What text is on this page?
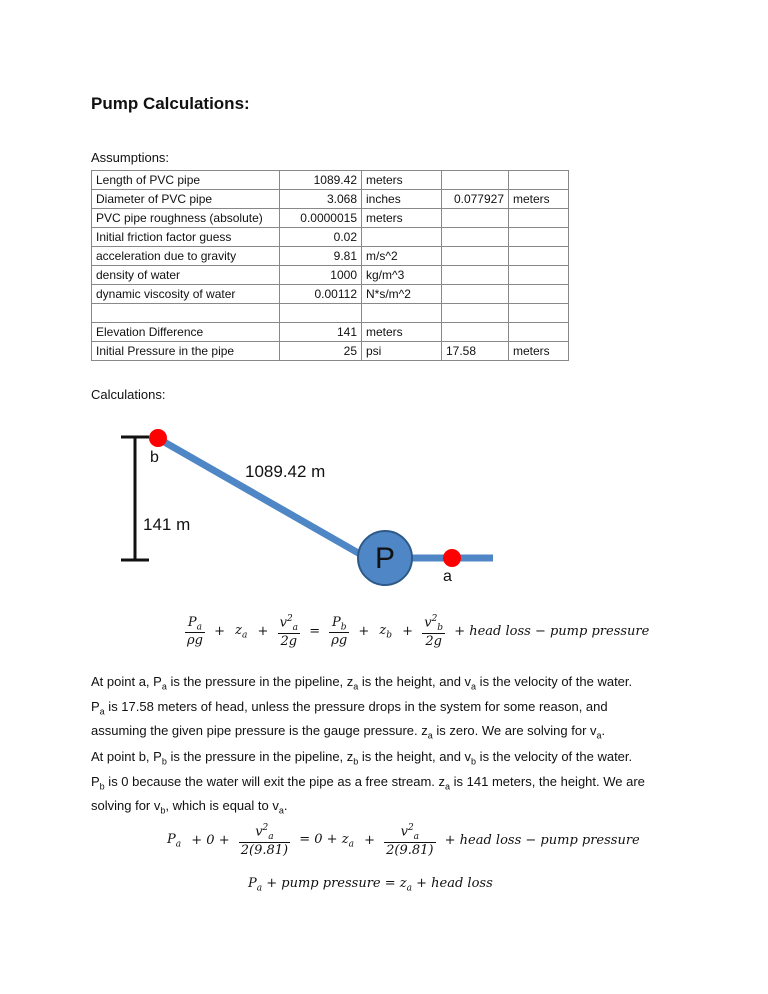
Pump Calculations:
Assumptions:
Length of PVC pipe	1089.42	meters		
Diameter of PVC pipe	3.068	inches	0.077927	meters
PVC pipe roughness (absolute)	0.0000015	meters		
Initial friction factor guess	0.02			
acceleration due to gravity	9.81	m/s^2		
density of water	1000	kg/m^3		
dynamic viscosity of water	0.00112	N*s/m^2		

Elevation Difference	141	meters		
Initial Pressure in the pipe	25	psi	17.58	meters
Calculations:
P
b
a
1089.42 m
141 m
$\frac{P_a}{\rho g} + z_a + \frac{v^2_a}{2g} = \frac{P_b}{\rho g} + z_b + \frac{v^2_b}{2g}$ + head loss − pump pressure
At point a, $P_a$ is the pressure in the pipeline, $z_a$ is the height, and $v_a$ is the velocity of the water.
$P_a$ is 17.58 meters of head, unless the pressure drops in the system for some reason, and
assuming the given pipe pressure is the gauge pressure. $z_a$ is zero. We are solving for $v_a$.
At point b, $P_b$ is the pressure in the pipeline, $z_b$ is the height, and $v_b$ is the velocity of the water.
$P_b$ is 0 because the water will exit the pipe as a free stream. $z_a$ is 141 meters, the height. We are
solving for $v_b$, which is equal to $v_a$.
$P_a + 0 + \frac{v^2_a}{2(9.81)} = 0 + z_a + \frac{v^2_a}{2(9.81)}$ + head loss − pump pressure
$P_a$ + pump pressure = $z_a$ + head loss
